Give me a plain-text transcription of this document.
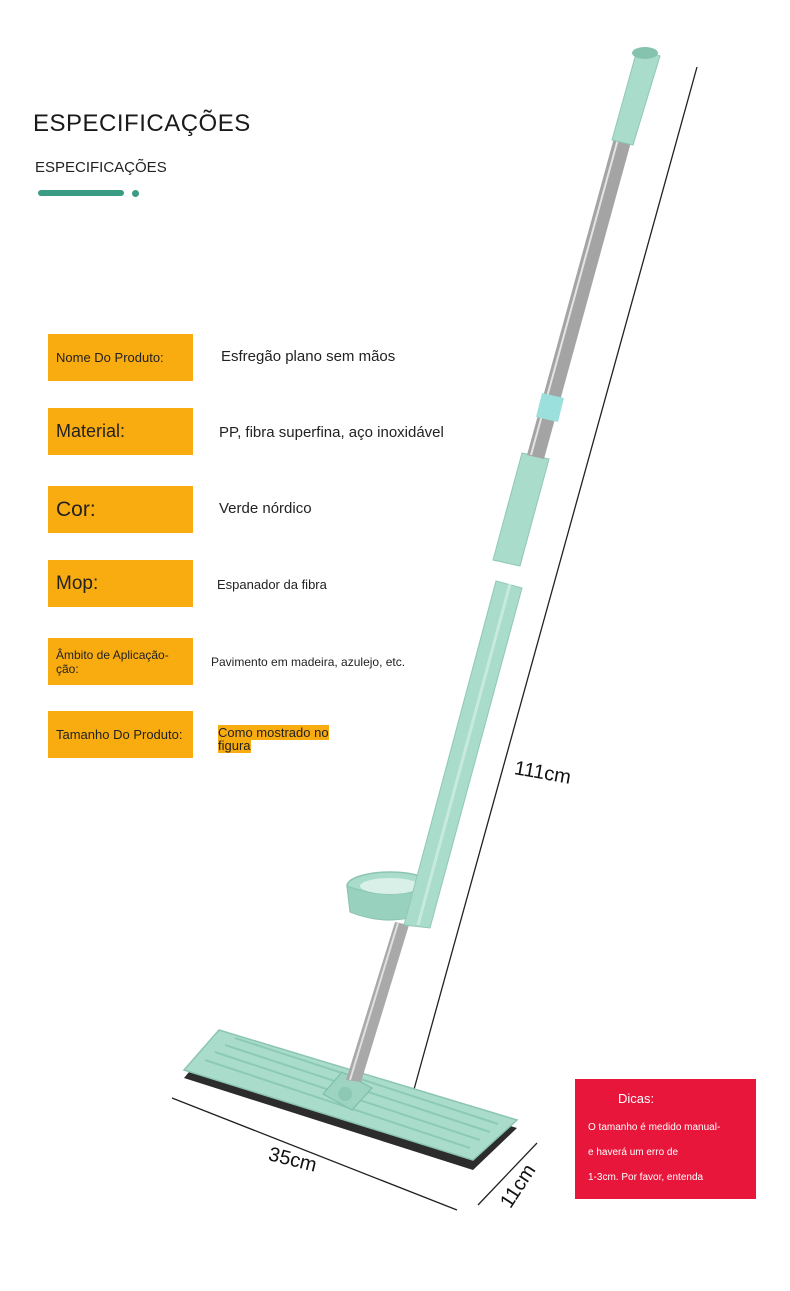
ESPECIFICAÇÕES
ESPECIFICAÇÕES
Nome Do Produto:	Esfregão plano sem mãos
Material:	PP, fibra superfina, aço inoxidável
Cor:	Verde nórdico
Mop:	Espanador da fibra
Âmbito de Aplicação-ção:	Pavimento em madeira, azulejo, etc.
Tamanho Do Produto:	Como mostrado no figura
111cm
35cm
11cm
Dicas:
O tamanho é medido manual-
e haverá um erro de
1-3cm. Por favor, entenda
